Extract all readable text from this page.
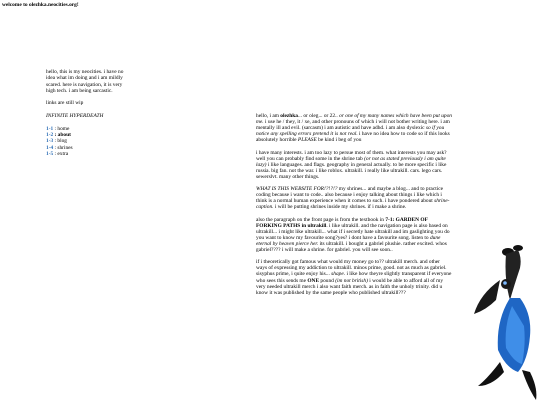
welcome to olezhka.neocities.org!

hello, this is my neocities. i have no idea what im doing and i am mildly scared. here is navigation, it is very high tech. i am being sarcastic.

links are still wip

INFINITE HYPERDEATH

1-1 : home
1-2 : about
1-3 : blog
1-4 : shrines
1-5 : extra

hello, i am olezhka... or oleg... or 22.. or one of my many names which have been put upon me. i use he / they, it / xe, and other pronouns of which i will not bother writing here. i am mentally ill and evil. (sarcasm) i am autistic and have adhd. i am also dyslexic so if you notice any spelling errors pretend it is not real. i have no idea how to code so if this looks absolutely horrible PLEASE be kind i beg of you

i have many interests. i am too lazy to persue most of them. what interests you may ask? well you can probably find some in the shrine tab (or not as stated previously i am quite lazy) i like languages. and flags. geography in general actually. to be more specific i like russia. big fan. not the war. i like roblox. ultrakill. i really like ultrakill. cars. lego cars. sewerslvt. many other things.

WHAT IS THIS WEBSITE FOR!?!?!? my shrines... and maybe a blog... and to practice coding because i want to code.. also because i enjoy talking about things i like which i think is a normal human experience when it comes to such. i have pondered about shrine-caption. i will be putting shrines inside my shrines. if i make a shrine.

also the paragraph on the front page is from the textbook in 7-1: GARDEN OF FORKING PATHS in ultrakill. i like ultrakill. and the navigation page is also based on ultrakill... i might like ultrakill... what if i secretly hate ultrakill and im gaslighting you do you want to know my favourite song?yes? i dont have a favourite song. listen to dune eternal by heaven pierce her. its ultrakill. i bought a gabriel plushie. rather excited. whos gabriel???? i will make a shrine. for gabriel. you will see soon..

if i theoretically got famous what would my money go to?? ultrakill merch. and other ways of expressing my addiction to ultrakill. minos prime, good. not as much as gabriel. sisyphus prime, i quite enjoy his... shape. i like how theyre slightly transparent if everyone who sees this sends me ONE pound (im not british) i would be able to afford all of my very needed ultrakill merch i also want faith merch. as in faith the unholy trinity. did u know it was published by the same people who published ultrakill???
